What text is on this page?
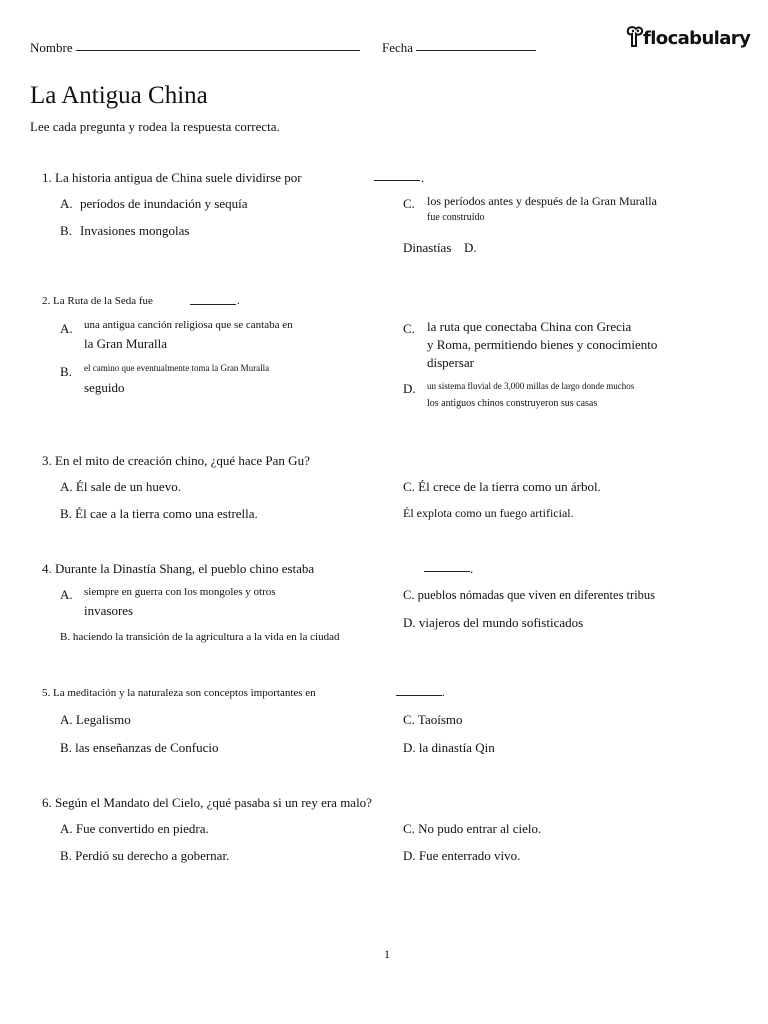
Nombre	Fecha	flocabulary
La Antigua China
Lee cada pregunta y rodea la respuesta correcta.
1. La historia antigua de China suele dividirse por	.
A. períodos de inundación y sequía
B. Invasiones mongolas
C. los períodos antes y después de la Gran Muralla
fue construido
Dinastías D.
2. La Ruta de la Seda fue	.
A. una antigua canción religiosa que se cantaba en
la Gran Muralla
B. el camino que eventualmente toma la Gran Muralla
seguido
C. la ruta que conectaba China con Grecia
y Roma, permitiendo bienes y conocimiento
dispersar
D. un sistema fluvial de 3,000 millas de largo donde muchos
los antiguos chinos construyeron sus casas
3. En el mito de creación chino, ¿qué hace Pan Gu?
A. Él sale de un huevo.
B. Él cae a la tierra como una estrella.
C. Él crece de la tierra como un árbol.
Él explota como un fuego artificial.
4. Durante la Dinastía Shang, el pueblo chino estaba	.
A. siempre en guerra con los mongoles y otros
invasores
B. haciendo la transición de la agricultura a la vida en la ciudad
C. pueblos nómadas que viven en diferentes tribus
D. viajeros del mundo sofisticados
5. La meditación y la naturaleza son conceptos importantes en	.
A. Legalismo
B. las enseñanzas de Confucio
C. Taoísmo
D. la dinastía Qin
6. Según el Mandato del Cielo, ¿qué pasaba si un rey era malo?
A. Fue convertido en piedra.
B. Perdió su derecho a gobernar.
C. No pudo entrar al cielo.
D. Fue enterrado vivo.
1
